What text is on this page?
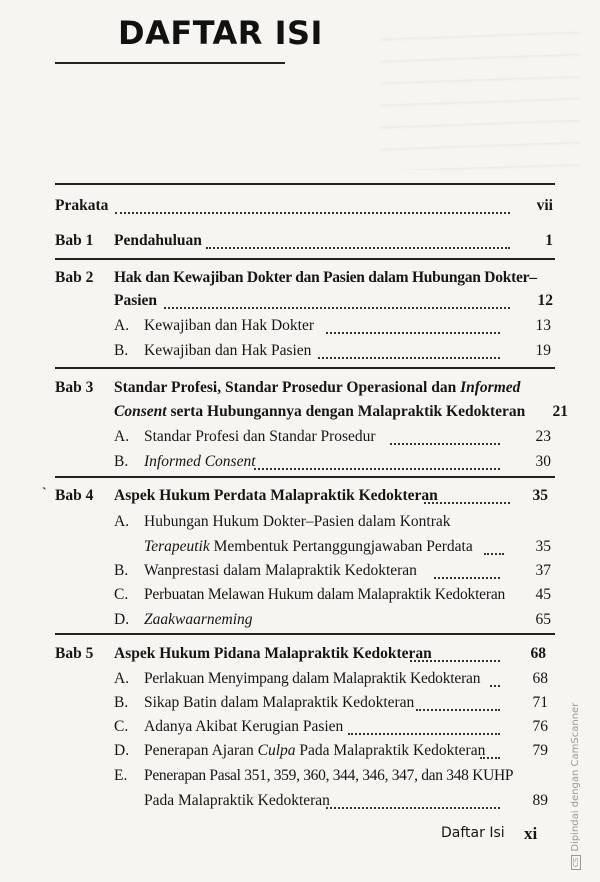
DAFTAR ISI
Prakata	vii
Bab 1 Pendahuluan	1
Bab 2 Hak dan Kewajiban Dokter dan Pasien dalam Hubungan Dokter–
Pasien	12
A. Kewajiban dan Hak Dokter	13
B. Kewajiban dan Hak Pasien	19
Bab 3 Standar Profesi, Standar Prosedur Operasional dan Informed
Consent serta Hubungannya dengan Malapraktik Kedokteran	21
A. Standar Profesi dan Standar Prosedur	23
B. Informed Consent	30
` Bab 4 Aspek Hukum Perdata Malapraktik Kedokteran	35
A. Hubungan Hukum Dokter–Pasien dalam Kontrak
Terapeutik Membentuk Pertanggungjawaban Perdata	35
B. Wanprestasi dalam Malapraktik Kedokteran	37
C. Perbuatan Melawan Hukum dalam Malapraktik Kedokteran	45
D. Zaakwaarneming	65
Bab 5 Aspek Hukum Pidana Malapraktik Kedokteran	68
A. Perlakuan Menyimpang dalam Malapraktik Kedokteran	68
B. Sikap Batin dalam Malapraktik Kedokteran	71
C. Adanya Akibat Kerugian Pasien	76
D. Penerapan Ajaran Culpa Pada Malapraktik Kedokteran	79
E. Penerapan Pasal 351, 359, 360, 344, 346, 347, dan 348 KUHP
Pada Malapraktik Kedokteran	89
Daftar Isi xi
CSDipindai dengan CamScanner
